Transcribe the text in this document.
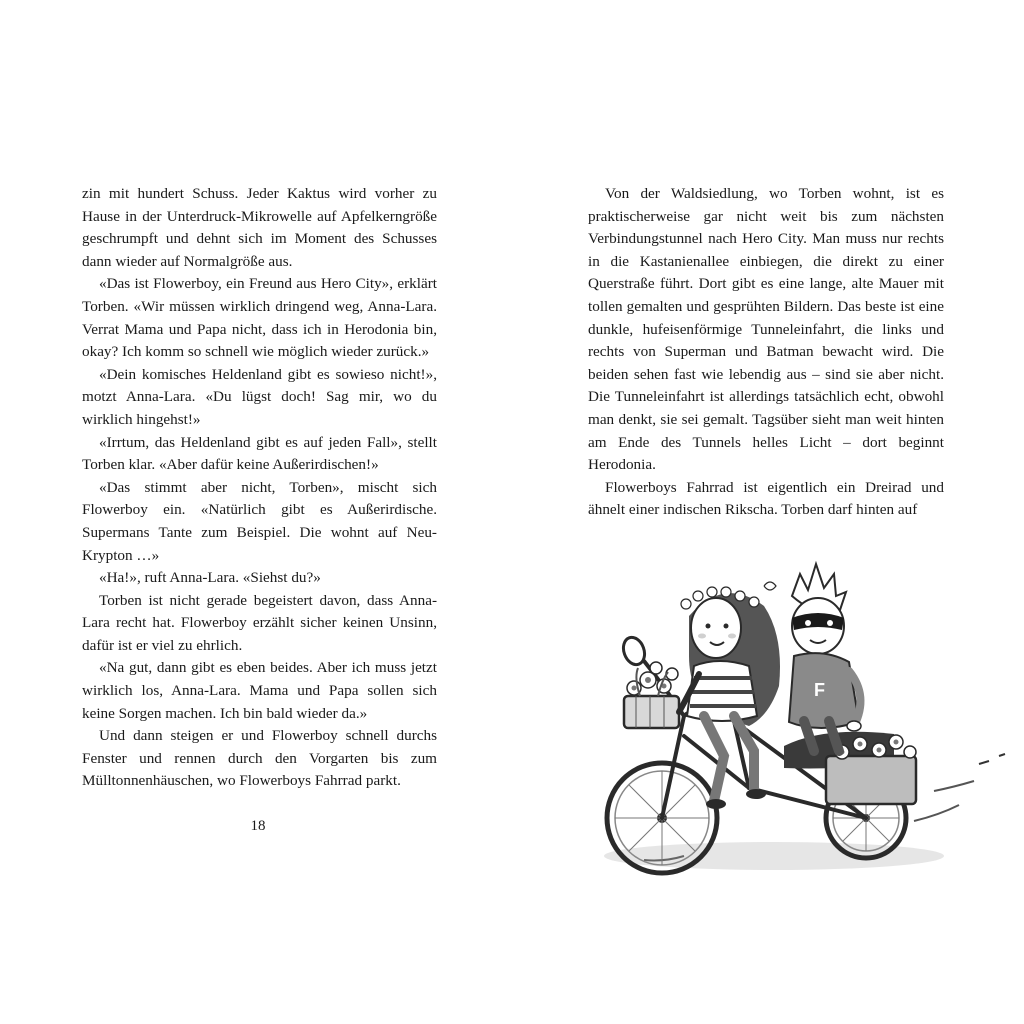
zin mit hundert Schuss. Jeder Kaktus wird vorher zu Hause in der Unterdruck-Mikrowelle auf Apfelkerngröße geschrumpft und dehnt sich im Moment des Schusses dann wieder auf Normalgröße aus.

«Das ist Flowerboy, ein Freund aus Hero City», erklärt Torben. «Wir müssen wirklich dringend weg, Anna-Lara. Verrat Mama und Papa nicht, dass ich in Herodonia bin, okay? Ich komm so schnell wie möglich wieder zurück.»

«Dein komisches Heldenland gibt es sowieso nicht!», motzt Anna-Lara. «Du lügst doch! Sag mir, wo du wirklich hingehst!»

«Irrtum, das Heldenland gibt es auf jeden Fall», stellt Torben klar. «Aber dafür keine Außerirdischen!»

«Das stimmt aber nicht, Torben», mischt sich Flowerboy ein. «Natürlich gibt es Außerirdische. Supermans Tante zum Beispiel. Die wohnt auf Neu-Krypton …»

«Ha!», ruft Anna-Lara. «Siehst du?»

Torben ist nicht gerade begeistert davon, dass Anna-Lara recht hat. Flowerboy erzählt sicher keinen Unsinn, dafür ist er viel zu ehrlich.

«Na gut, dann gibt es eben beides. Aber ich muss jetzt wirklich los, Anna-Lara. Mama und Papa sollen sich keine Sorgen machen. Ich bin bald wieder da.»

Und dann steigen er und Flowerboy schnell durchs Fenster und rennen durch den Vorgarten bis zum Mülltonnenhäuschen, wo Flowerboys Fahrrad parkt.

18

Von der Waldsiedlung, wo Torben wohnt, ist es praktischerweise gar nicht weit bis zum nächsten Verbindungstunnel nach Hero City. Man muss nur rechts in die Kastanienallee einbiegen, die direkt zu einer Querstraße führt. Dort gibt es eine lange, alte Mauer mit tollen gemalten und gesprühten Bildern. Das beste ist eine dunkle, hufeisenförmige Tunneleinfahrt, die links und rechts von Superman und Batman bewacht wird. Die beiden sehen fast wie lebendig aus – sind sie aber nicht. Die Tunneleinfahrt ist allerdings tatsächlich echt, obwohl man denkt, sie sei gemalt. Tagsüber sieht man weit hinten am Ende des Tunnels helles Licht – dort beginnt Herodonia.

Flowerboys Fahrrad ist eigentlich ein Dreirad und ähnelt einer indischen Rikscha. Torben darf hinten auf

F
